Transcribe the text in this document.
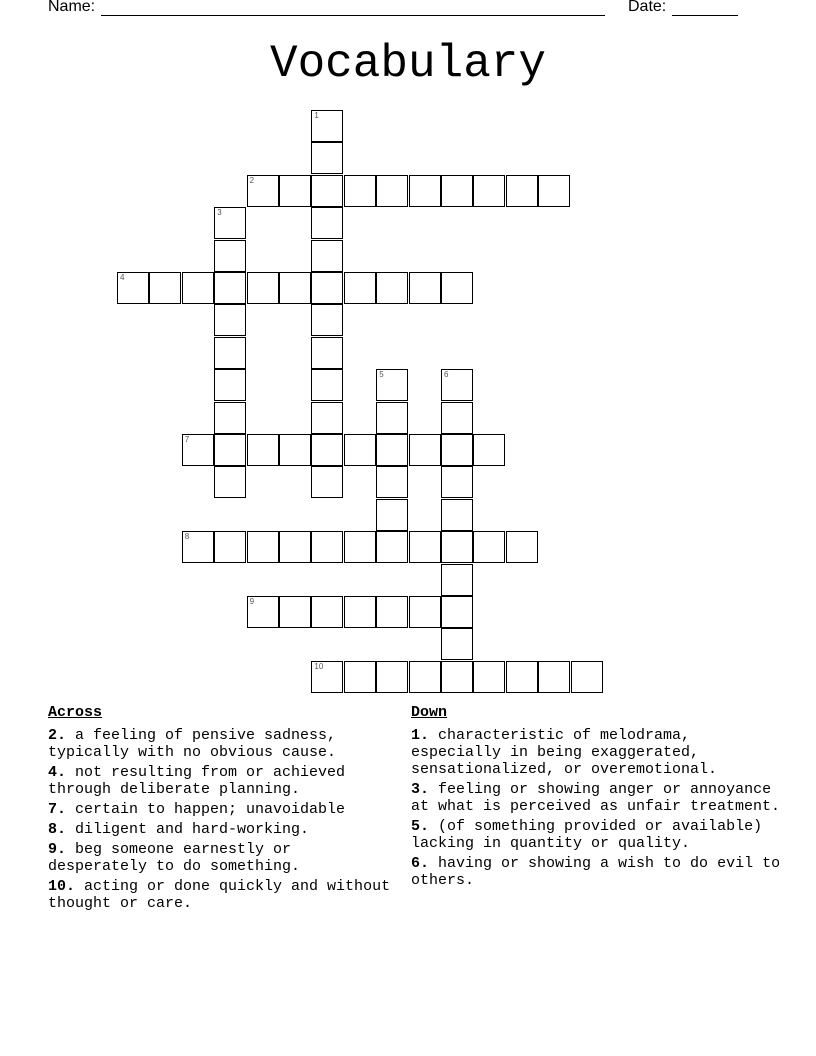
Name:	Date:
Vocabulary
1
2
3
4
5	6
7
8
9
10
Across
2. a feeling of pensive sadness, typically with no obvious cause.
4. not resulting from or achieved through deliberate planning.
7. certain to happen; unavoidable
8. diligent and hard-working.
9. beg someone earnestly or desperately to do something.
10. acting or done quickly and without thought or care.
Down
1. characteristic of melodrama, especially in being exaggerated, sensationalized, or overemotional.
3. feeling or showing anger or annoyance at what is perceived as unfair treatment.
5. (of something provided or available) lacking in quantity or quality.
6. having or showing a wish to do evil to others.
